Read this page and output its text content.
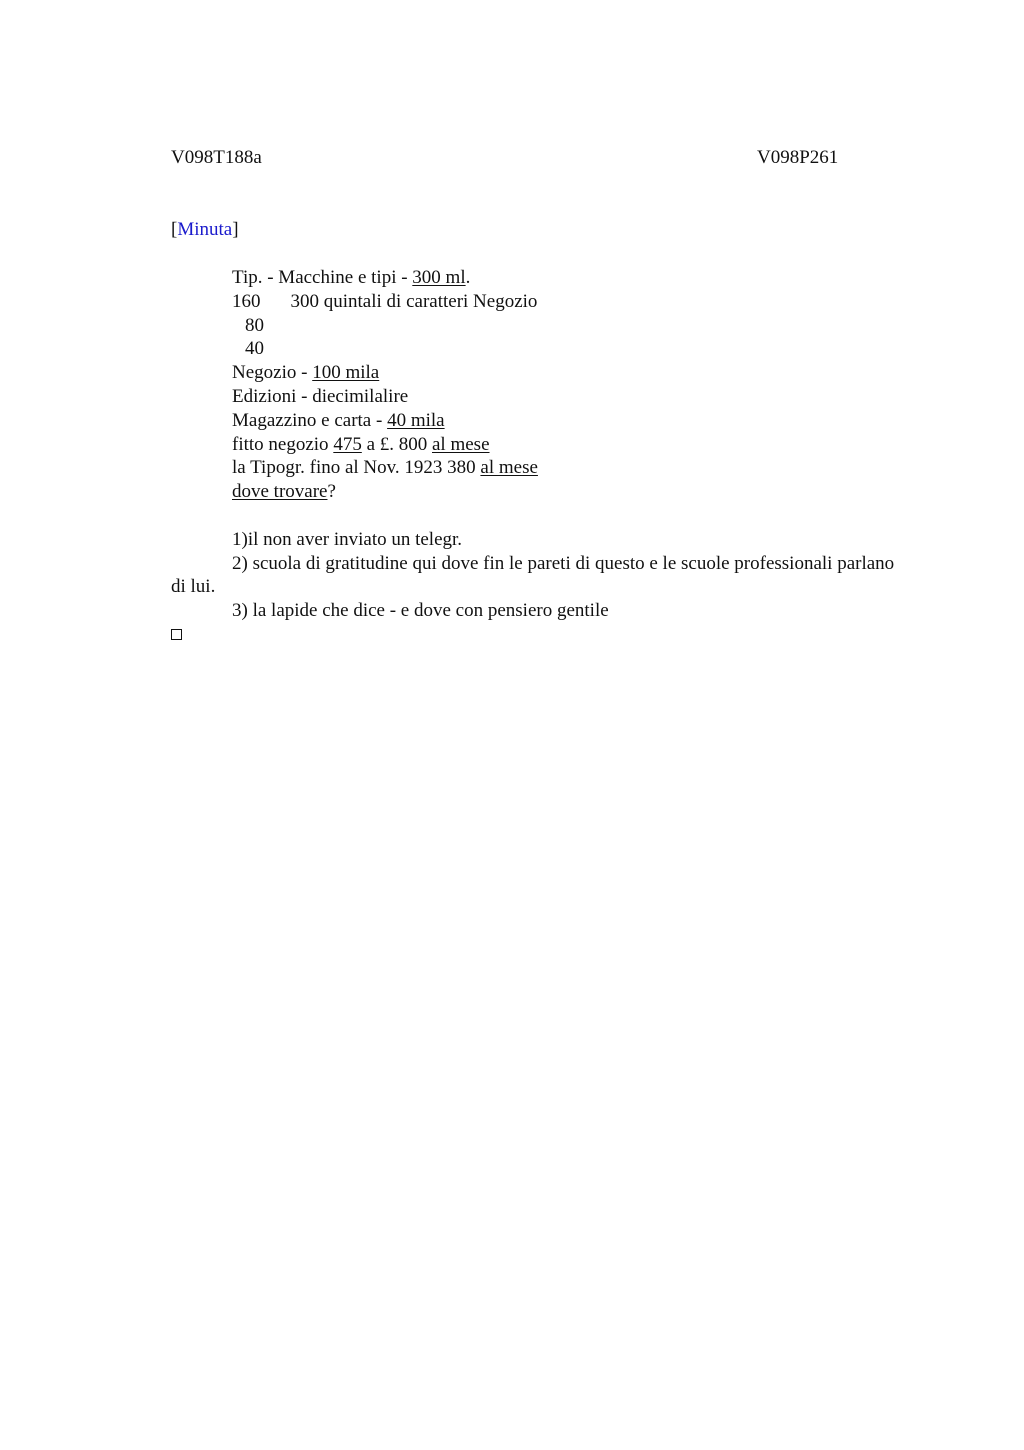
V098T188a	V098P261
[Minuta]
Tip. - Macchine e tipi - 300 ml.
160 300 quintali di caratteri Negozio
80
40
Negozio - 100 mila
Edizioni - diecimilalire
Magazzino e carta - 40 mila
fitto negozio 475 a £. 800 al mese
la Tipogr. fino al Nov. 1923 380 al mese
dove trovare?
1)il non aver inviato un telegr.
2) scuola di gratitudine qui dove fin le pareti di questo e le scuole professionali parlano di lui.
3) la lapide che dice - e dove con pensiero gentile
